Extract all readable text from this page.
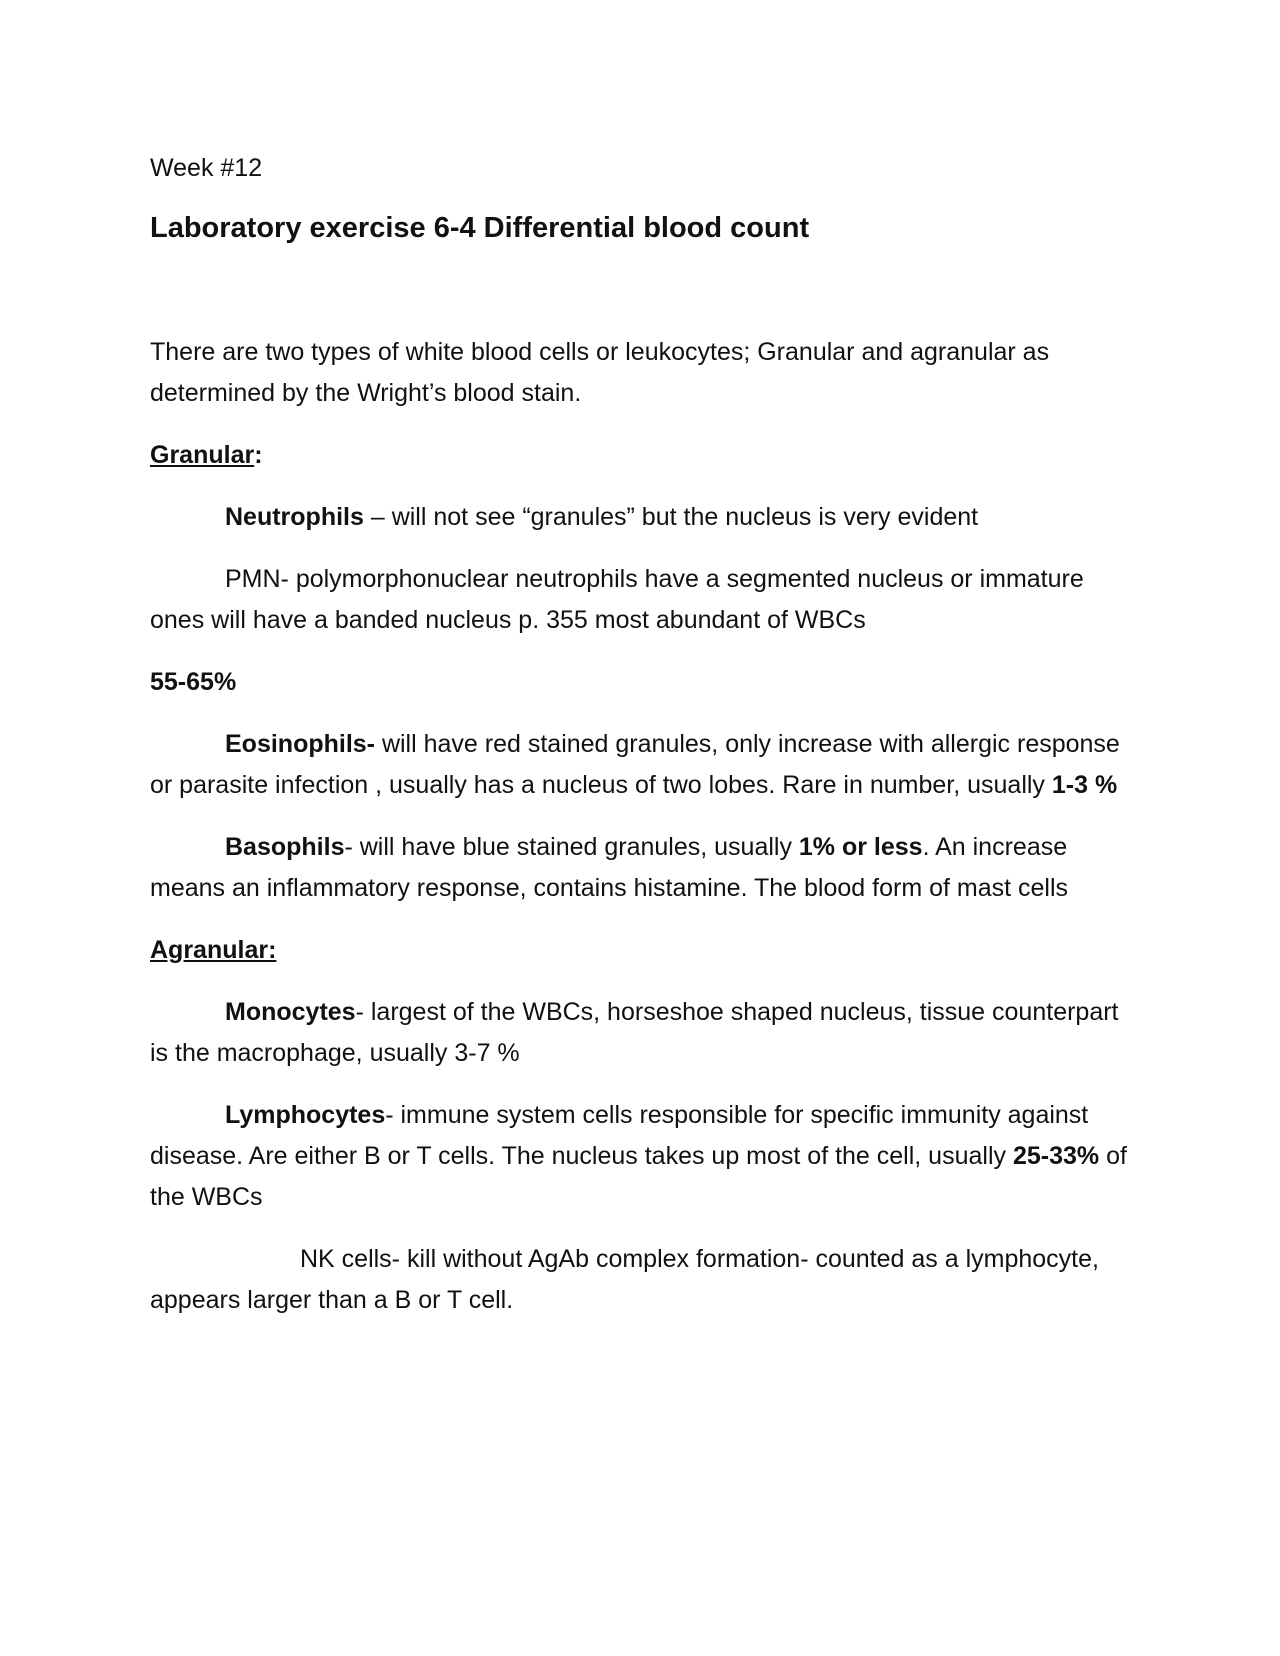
Week #12

Laboratory exercise 6-4 Differential blood count

There are two types of white blood cells or leukocytes; Granular and agranular as determined by the Wright’s blood stain.

Granular:

Neutrophils – will not see “granules” but the nucleus is very evident

PMN- polymorphonuclear neutrophils have a segmented nucleus or immature ones will have a banded nucleus p. 355 most abundant of WBCs

55-65%

Eosinophils- will have red stained granules, only increase with allergic response or parasite infection , usually has a nucleus of two lobes. Rare in number, usually 1-3 %

Basophils- will have blue stained granules, usually 1% or less. An increase means an inflammatory response, contains histamine. The blood form of mast cells

Agranular:

Monocytes- largest of the WBCs, horseshoe shaped nucleus, tissue counterpart is the macrophage, usually 3-7 %

Lymphocytes- immune system cells responsible for specific immunity against disease. Are either B or T cells. The nucleus takes up most of the cell, usually 25-33% of the WBCs

NK cells- kill without AgAb complex formation- counted as a lymphocyte, appears larger than a B or T cell.
